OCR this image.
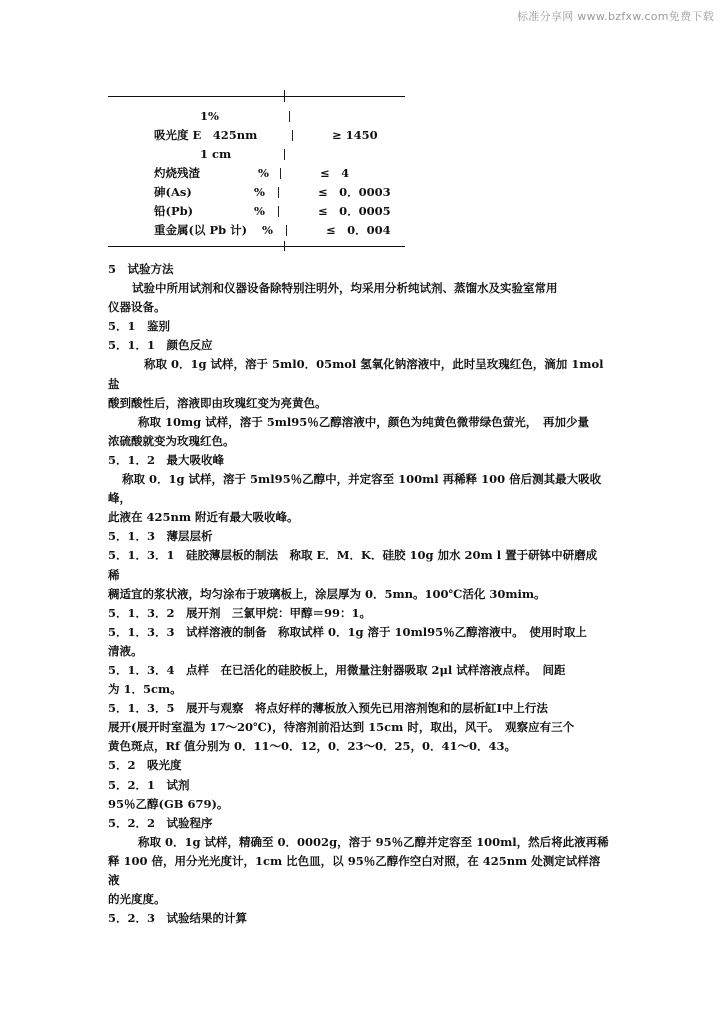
标准分享网 www.bzfxw.com免费下载
1%
吸光度 E　425nm	≥ 1450
1 cm
灼烧残渣	%	≤　4
砷(As)	%	≤　0．0003
铅(Pb)	%	≤　0．0005
重金属(以 Pb 计) %	≤　0．004
5　试验方法
试验中所用试剂和仪器设备除特别注明外，均采用分析纯试剂、蒸馏水及实验室常用
仪器设备。
5．1　鉴别
5．1．1　颜色反应
称取 0．1g 试样，溶于 5ml0．05mol 氢氧化钠溶液中，此时呈玫瑰红色，滴加 1mol
盐
酸到酸性后，溶液即由玫瑰红变为亮黄色。
称取 10mg 试样，溶于 5ml95％乙醇溶液中，颜色为纯黄色微带绿色萤光，　再加少量
浓硫酸就变为玫瑰红色。
5．1．2　最大吸收峰
称取 0．1g 试样，溶于 5ml95％乙醇中，并定容至 100ml 再稀释 100 倍后测其最大吸收
峰，
此液在 425nm 附近有最大吸收峰。
5．1．3　薄层层析
5．1．3．1　硅胶薄层板的制法　称取 E．M．K．硅胶 10g 加水 20m l 置于研钵中研磨成
稀
稠适宜的浆状液，均匀涂布于玻璃板上，涂层厚为 0．5mn。100℃活化 30mim。
5．1．3．2　展开剂　三氯甲烷：甲醇＝99：1。
5．1．3．3　试样溶液的制备　称取试样 0．1g 溶于 10ml95％乙醇溶液中。　使用时取上
清液。
5．1．3．4　点样　在已活化的硅胶板上，用微量注射器吸取 2μl 试样溶液点样。　间距
为 1．5cm。
5．1．3．5　展开与观察　将点好样的薄板放入预先已用溶剂饱和的层析缸Ⅰ中上行法
展开(展开时室温为 17～20℃)，待溶剂前沿达到 15cm 时，取出，风干。　观察应有三个
黄色斑点，Rf 值分别为 0．11～0．12，0．23～0．25，0．41～0．43。
5．2　吸光度
5．2．1　试剂
95％乙醇(GB 679)。
5．2．2　试验程序
称取 0．1g 试样，精确至 0．0002g，溶于 95％乙醇并定容至 100ml，然后将此液再稀
释 100 倍，用分光光度计，1cm 比色皿，以 95％乙醇作空白对照，在 425nm 处测定试样溶
液
的光度度。
5．2．3　试验结果的计算
